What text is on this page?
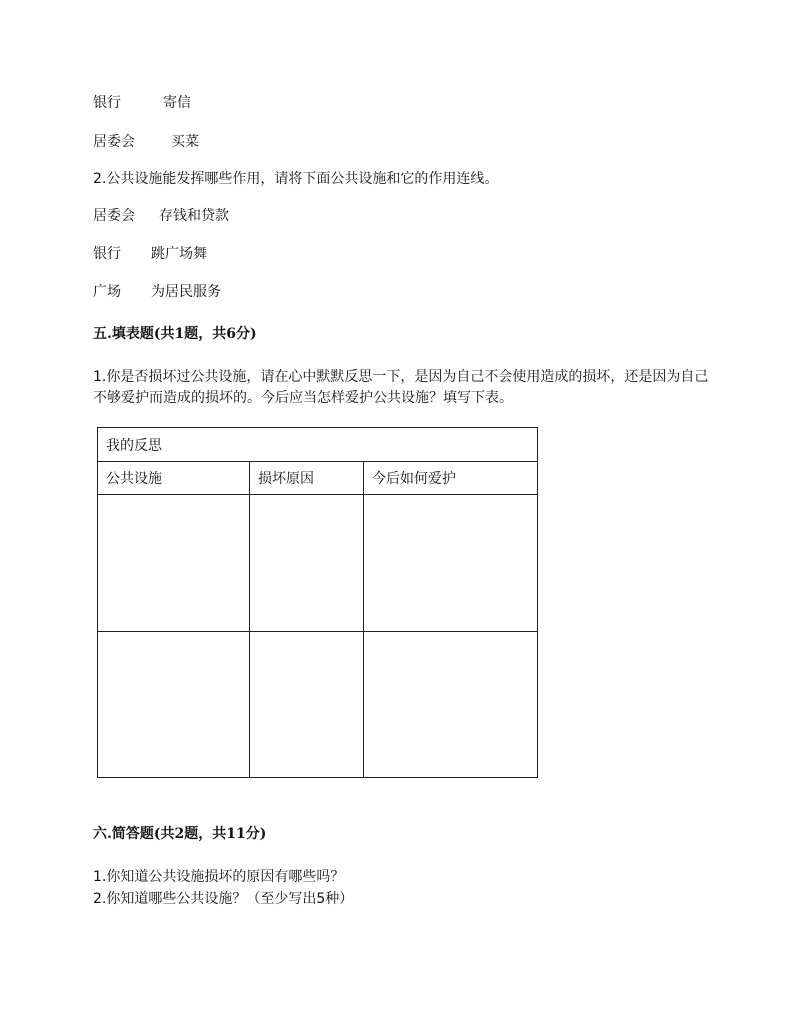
银行	寄信
居委会	买菜
2.公共设施能发挥哪些作用，请将下面公共设施和它的作用连线。
居委会 存钱和贷款
银行 跳广场舞
广场 为居民服务
五.填表题(共1题，共6分)
1.你是否损坏过公共设施，请在心中默默反思一下，是因为自己不会使用造成的损坏，还是因为自己不够爱护而造成的损坏的。今后应当怎样爱护公共设施？填写下表。
我的反思		
公共设施	损坏原因	今后如何爱护

六.简答题(共2题，共11分)
1.你知道公共设施损坏的原因有哪些吗？
2.你知道哪些公共设施？（至少写出5种）
